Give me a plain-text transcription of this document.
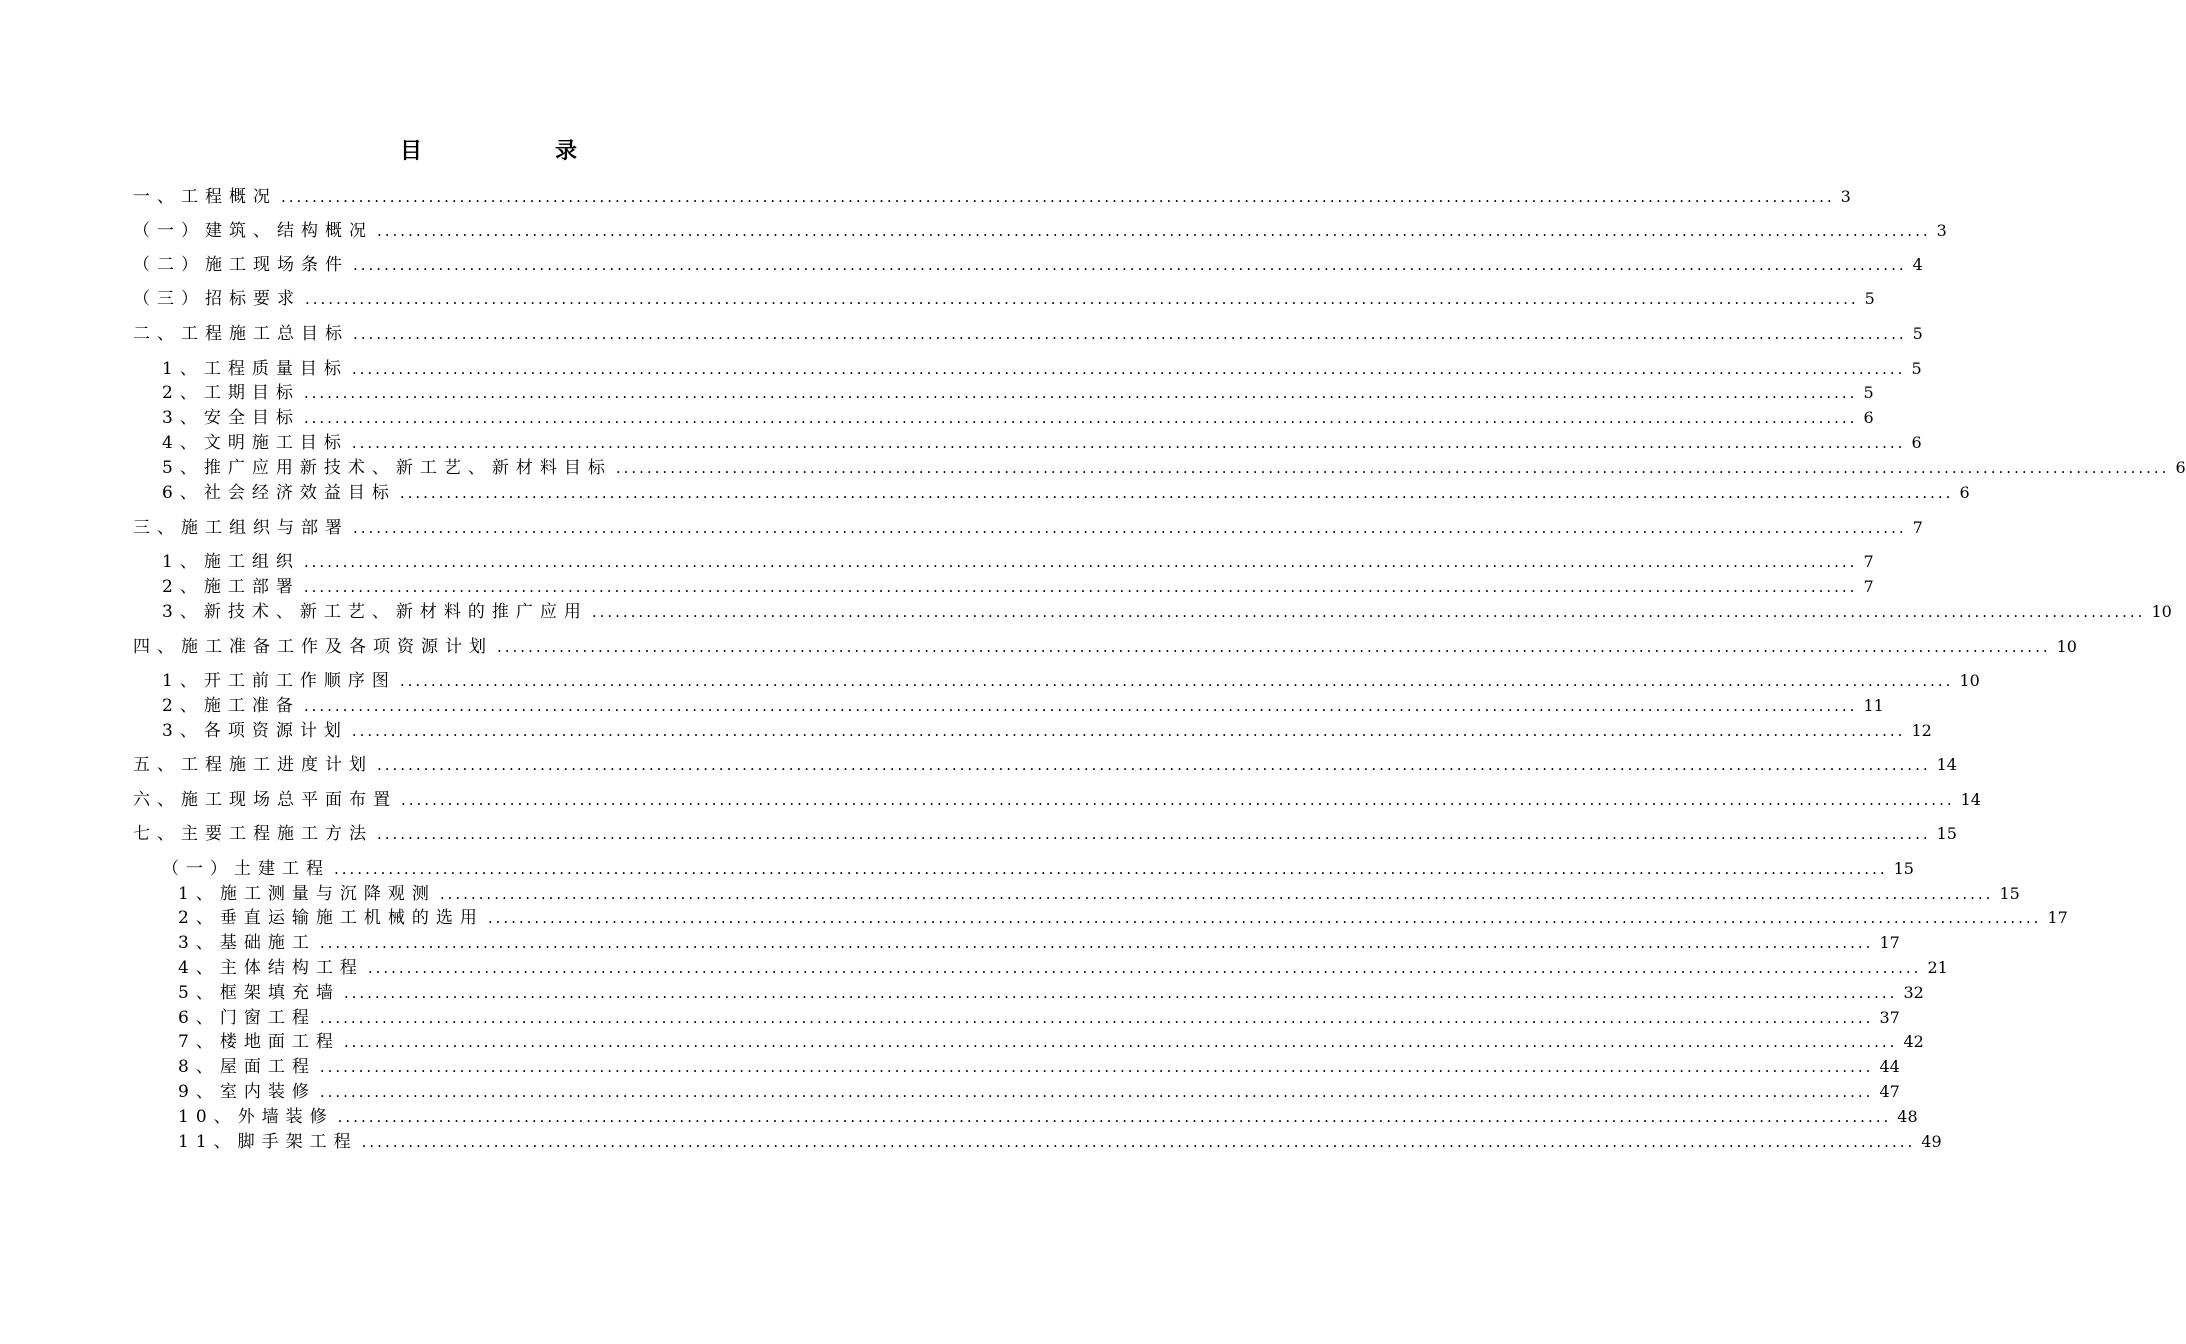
目	录
一、工程概况 ........................................................................................................................................................................................................ 3
（一）建筑、结构概况 ........................................................................................................................................................................................................ 3
（二）施工现场条件 ........................................................................................................................................................................................................ 4
（三）招标要求 ........................................................................................................................................................................................................ 5
二、工程施工总目标 ........................................................................................................................................................................................................ 5
1、工程质量目标 ........................................................................................................................................................................................................ 5
2、工期目标 ........................................................................................................................................................................................................ 5
3、安全目标 ........................................................................................................................................................................................................ 6
4、文明施工目标 ........................................................................................................................................................................................................ 6
5、推广应用新技术、新工艺、新材料目标 ........................................................................................................................................................................................................ 6
6、社会经济效益目标 ........................................................................................................................................................................................................ 6
三、施工组织与部署 ........................................................................................................................................................................................................ 7
1、施工组织 ........................................................................................................................................................................................................ 7
2、施工部署 ........................................................................................................................................................................................................ 7
3、新技术、新工艺、新材料的推广应用 ........................................................................................................................................................................................................ 10
四、施工准备工作及各项资源计划 ........................................................................................................................................................................................................ 10
1、开工前工作顺序图 ........................................................................................................................................................................................................ 10
2、施工准备 ........................................................................................................................................................................................................ 11
3、各项资源计划 ........................................................................................................................................................................................................ 12
五、工程施工进度计划 ........................................................................................................................................................................................................ 14
六、施工现场总平面布置 ........................................................................................................................................................................................................ 14
七、主要工程施工方法 ........................................................................................................................................................................................................ 15
（一）土建工程 ........................................................................................................................................................................................................ 15
1、施工测量与沉降观测 ........................................................................................................................................................................................................ 15
2、垂直运输施工机械的选用 ........................................................................................................................................................................................................ 17
3、基础施工 ........................................................................................................................................................................................................ 17
4、主体结构工程 ........................................................................................................................................................................................................ 21
5、框架填充墙 ........................................................................................................................................................................................................ 32
6、门窗工程 ........................................................................................................................................................................................................ 37
7、楼地面工程 ........................................................................................................................................................................................................ 42
8、屋面工程 ........................................................................................................................................................................................................ 44
9、室内装修 ........................................................................................................................................................................................................ 47
10、外墙装修 ........................................................................................................................................................................................................ 48
11、脚手架工程 ........................................................................................................................................................................................................ 49
